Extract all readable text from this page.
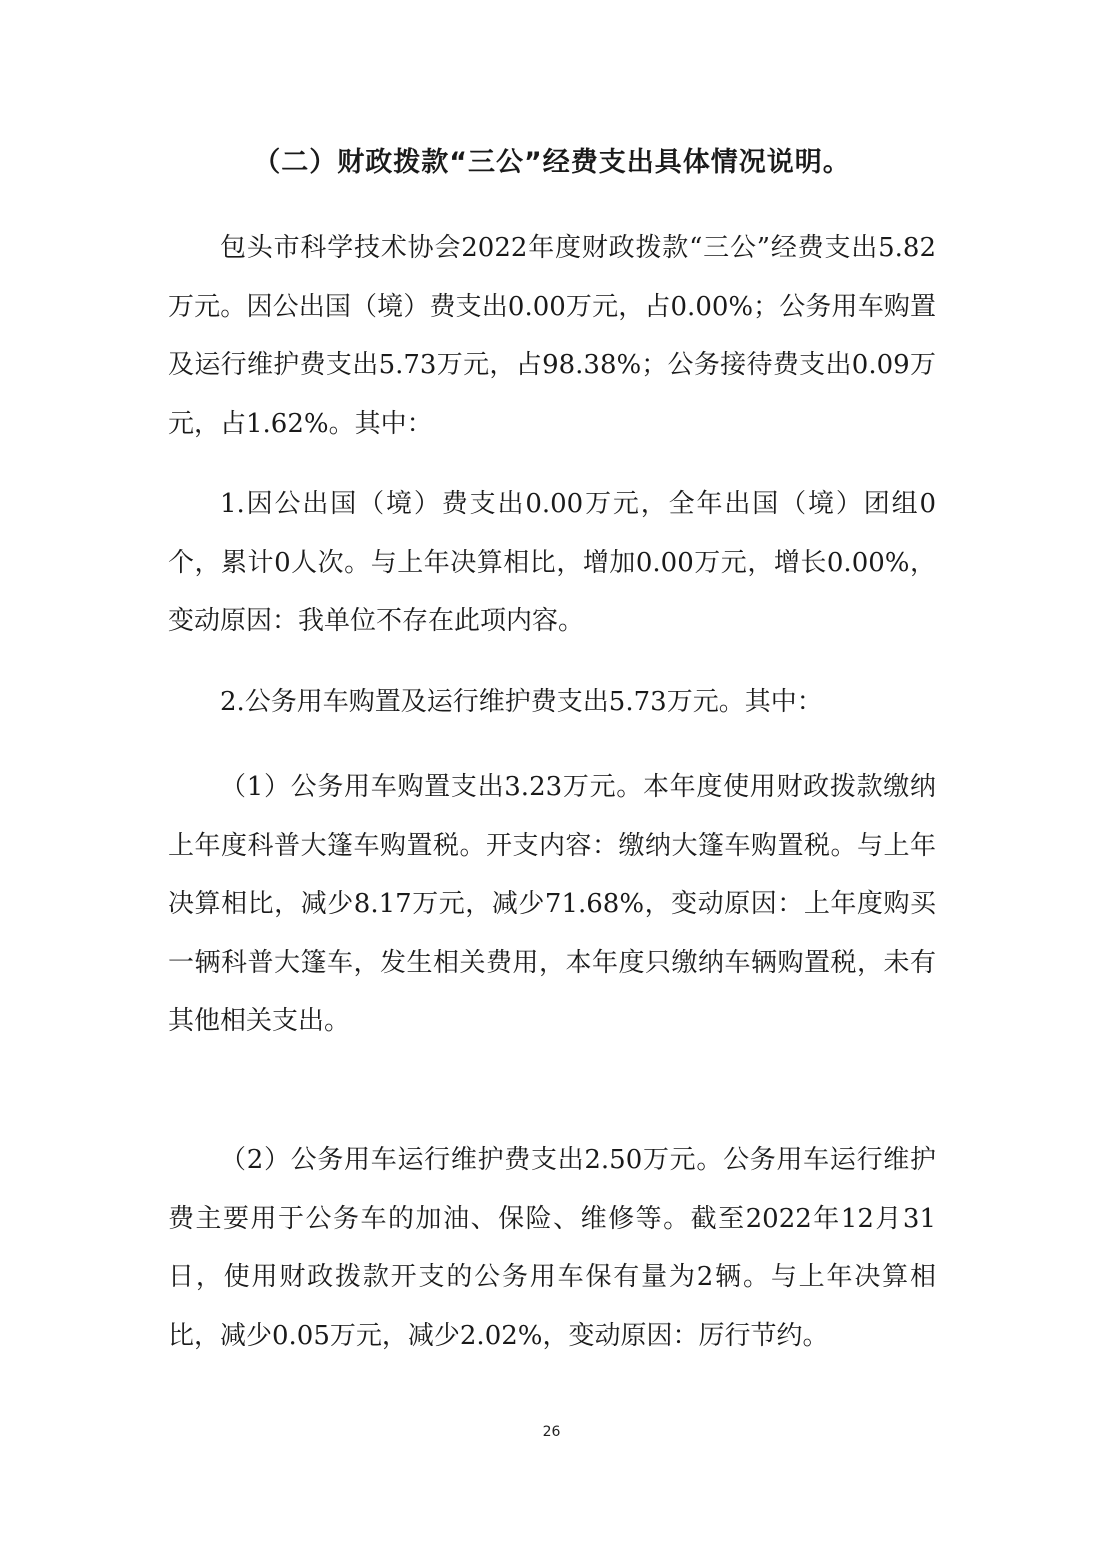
（二）财政拨款“三公”经费支出具体情况说明。

包头市科学技术协会2022年度财政拨款“三公”经费支出5.82万元。因公出国（境）费支出0.00万元，占0.00%；公务用车购置及运行维护费支出5.73万元，占98.38%；公务接待费支出0.09万元，占1.62%。其中：

1.因公出国（境）费支出0.00万元，全年出国（境）团组0个，累计0人次。与上年决算相比，增加0.00万元，增长0.00%，变动原因：我单位不存在此项内容。

2.公务用车购置及运行维护费支出5.73万元。其中：

（1）公务用车购置支出3.23万元。本年度使用财政拨款缴纳上年度科普大篷车购置税。开支内容：缴纳大篷车购置税。与上年决算相比，减少8.17万元，减少71.68%，变动原因：上年度购买一辆科普大篷车，发生相关费用，本年度只缴纳车辆购置税，未有其他相关支出。

（2）公务用车运行维护费支出2.50万元。公务用车运行维护费主要用于公务车的加油、保险、维修等。截至2022年12月31日，使用财政拨款开支的公务用车保有量为2辆。与上年决算相比，减少0.05万元，减少2.02%，变动原因：厉行节约。

26
